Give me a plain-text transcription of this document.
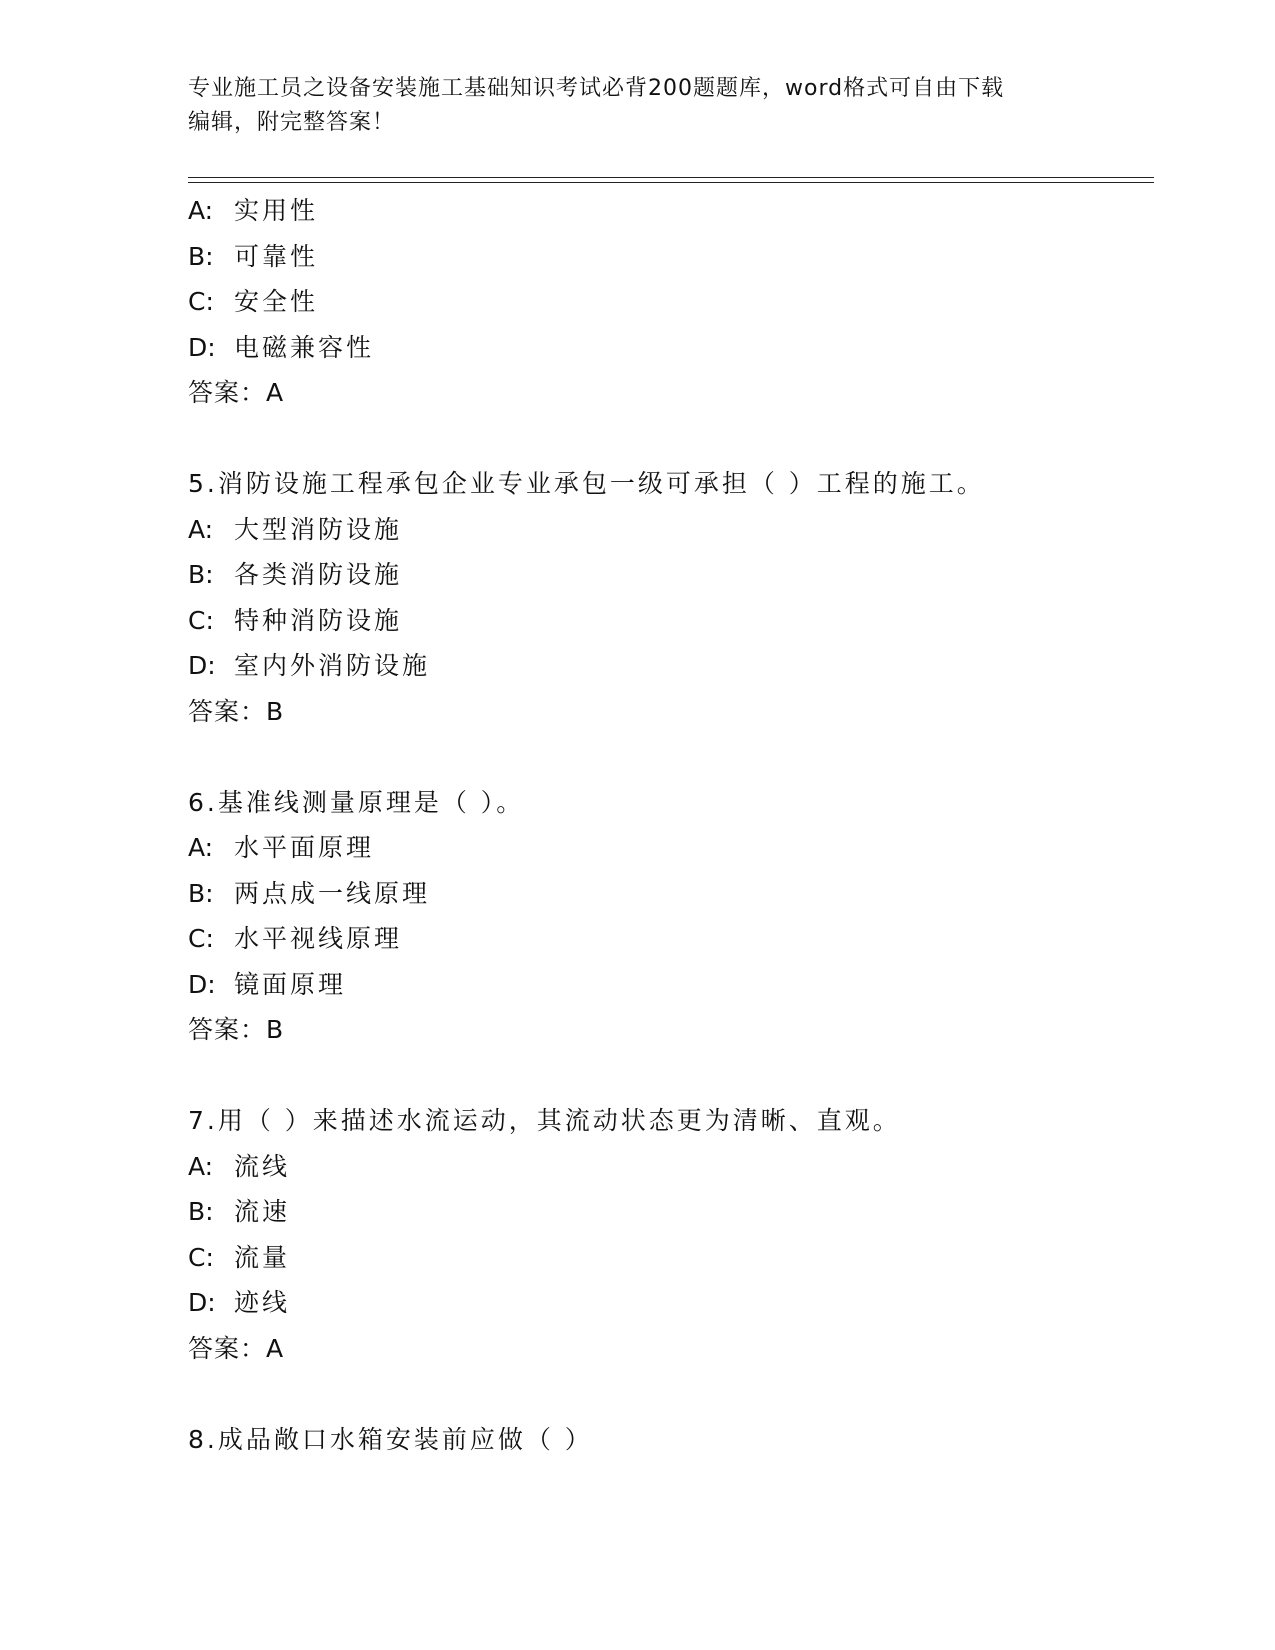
专业施工员之设备安装施工基础知识考试必背200题题库，word格式可自由下载
编辑，附完整答案！
A: 实用性
B: 可靠性
C: 安全性
D: 电磁兼容性
答案：A
5.消防设施工程承包企业专业承包一级可承担（ ）工程的施工。
A: 大型消防设施
B: 各类消防设施
C: 特种消防设施
D: 室内外消防设施
答案：B
6.基准线测量原理是（ ）。
A: 水平面原理
B: 两点成一线原理
C: 水平视线原理
D: 镜面原理
答案：B
7.用（ ）来描述水流运动，其流动状态更为清晰、直观。
A: 流线
B: 流速
C: 流量
D: 迹线
答案：A
8.成品敞口水箱安装前应做（ ）
